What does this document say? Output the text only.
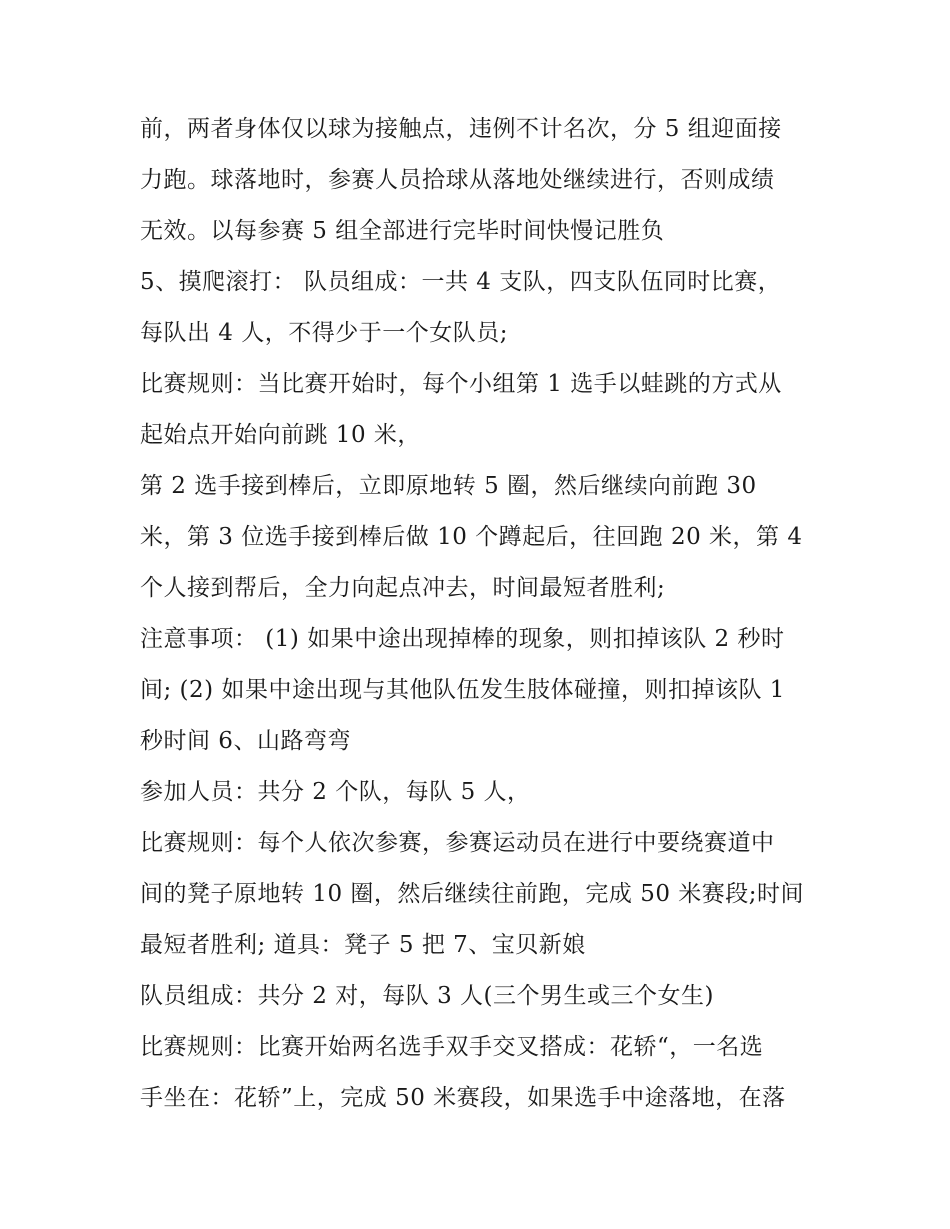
前，两者身体仅以球为接触点，违例不计名次，分 5 组迎面接
力跑。球落地时，参赛人员拾球从落地处继续进行，否则成绩
无效。以每参赛 5 组全部进行完毕时间快慢记胜负
5、摸爬滚打： 队员组成：一共 4 支队，四支队伍同时比赛，
每队出 4 人，不得少于一个女队员;
比赛规则：当比赛开始时，每个小组第 1 选手以蛙跳的方式从
起始点开始向前跳 10 米，
第 2 选手接到棒后，立即原地转 5 圈，然后继续向前跑 30
米，第 3 位选手接到棒后做 10 个蹲起后，往回跑 20 米，第 4
个人接到帮后，全力向起点冲去，时间最短者胜利;
注意事项： (1) 如果中途出现掉棒的现象，则扣掉该队 2 秒时
间; (2) 如果中途出现与其他队伍发生肢体碰撞，则扣掉该队 1
秒时间 6、山路弯弯
参加人员：共分 2 个队，每队 5 人，
比赛规则：每个人依次参赛，参赛运动员在进行中要绕赛道中
间的凳子原地转 10 圈，然后继续往前跑，完成 50 米赛段;时间
最短者胜利; 道具：凳子 5 把 7、宝贝新娘
队员组成：共分 2 对，每队 3 人(三个男生或三个女生)
比赛规则：比赛开始两名选手双手交叉搭成：花轿“，一名选
手坐在：花轿”上，完成 50 米赛段，如果选手中途落地，在落
